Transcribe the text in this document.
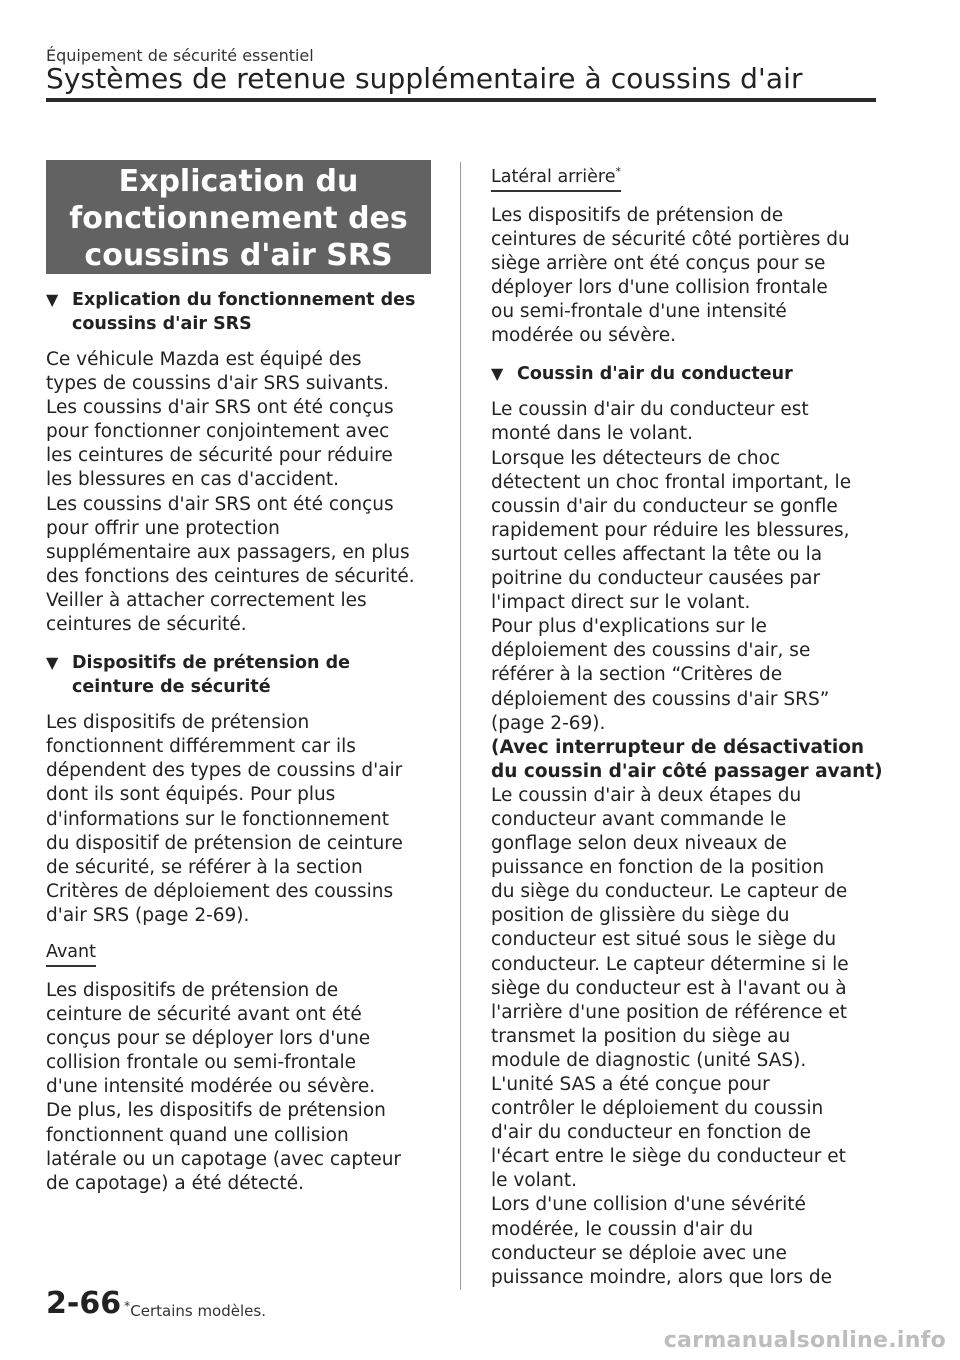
Équipement de sécurité essentiel
Systèmes de retenue supplémentaire à coussins d'air
Explication du
fonctionnement des
coussins d'air SRS
▼ Explication du fonctionnement des
coussins d'air SRS
Ce véhicule Mazda est équipé des
types de coussins d'air SRS suivants.
Les coussins d'air SRS ont été conçus
pour fonctionner conjointement avec
les ceintures de sécurité pour réduire
les blessures en cas d'accident.
Les coussins d'air SRS ont été conçus
pour offrir une protection
supplémentaire aux passagers, en plus
des fonctions des ceintures de sécurité.
Veiller à attacher correctement les
ceintures de sécurité.
▼ Dispositifs de prétension de
ceinture de sécurité
Les dispositifs de prétension
fonctionnent différemment car ils
dépendent des types de coussins d'air
dont ils sont équipés. Pour plus
d'informations sur le fonctionnement
du dispositif de prétension de ceinture
de sécurité, se référer à la section
Critères de déploiement des coussins
d'air SRS (page 2-69).
Avant
Les dispositifs de prétension de
ceinture de sécurité avant ont été
conçus pour se déployer lors d'une
collision frontale ou semi-frontale
d'une intensité modérée ou sévère.
De plus, les dispositifs de prétension
fonctionnent quand une collision
latérale ou un capotage (avec capteur
de capotage) a été détecté.
Latéral arrière*
Les dispositifs de prétension de
ceintures de sécurité côté portières du
siège arrière ont été conçus pour se
déployer lors d'une collision frontale
ou semi-frontale d'une intensité
modérée ou sévère.
▼ Coussin d'air du conducteur
Le coussin d'air du conducteur est
monté dans le volant.
Lorsque les détecteurs de choc
détectent un choc frontal important, le
coussin d'air du conducteur se gonfle
rapidement pour réduire les blessures,
surtout celles affectant la tête ou la
poitrine du conducteur causées par
l'impact direct sur le volant.
Pour plus d'explications sur le
déploiement des coussins d'air, se
référer à la section “Critères de
déploiement des coussins d'air SRS”
(page 2-69).
(Avec interrupteur de désactivation
du coussin d'air côté passager avant)
Le coussin d'air à deux étapes du
conducteur avant commande le
gonflage selon deux niveaux de
puissance en fonction de la position
du siège du conducteur. Le capteur de
position de glissière du siège du
conducteur est situé sous le siège du
conducteur. Le capteur détermine si le
siège du conducteur est à l'avant ou à
l'arrière d'une position de référence et
transmet la position du siège au
module de diagnostic (unité SAS).
L'unité SAS a été conçue pour
contrôler le déploiement du coussin
d'air du conducteur en fonction de
l'écart entre le siège du conducteur et
le volant.
Lors d'une collision d'une sévérité
modérée, le coussin d'air du
conducteur se déploie avec une
puissance moindre, alors que lors de
2-66 *Certains modèles.
carmanualsonline.info
